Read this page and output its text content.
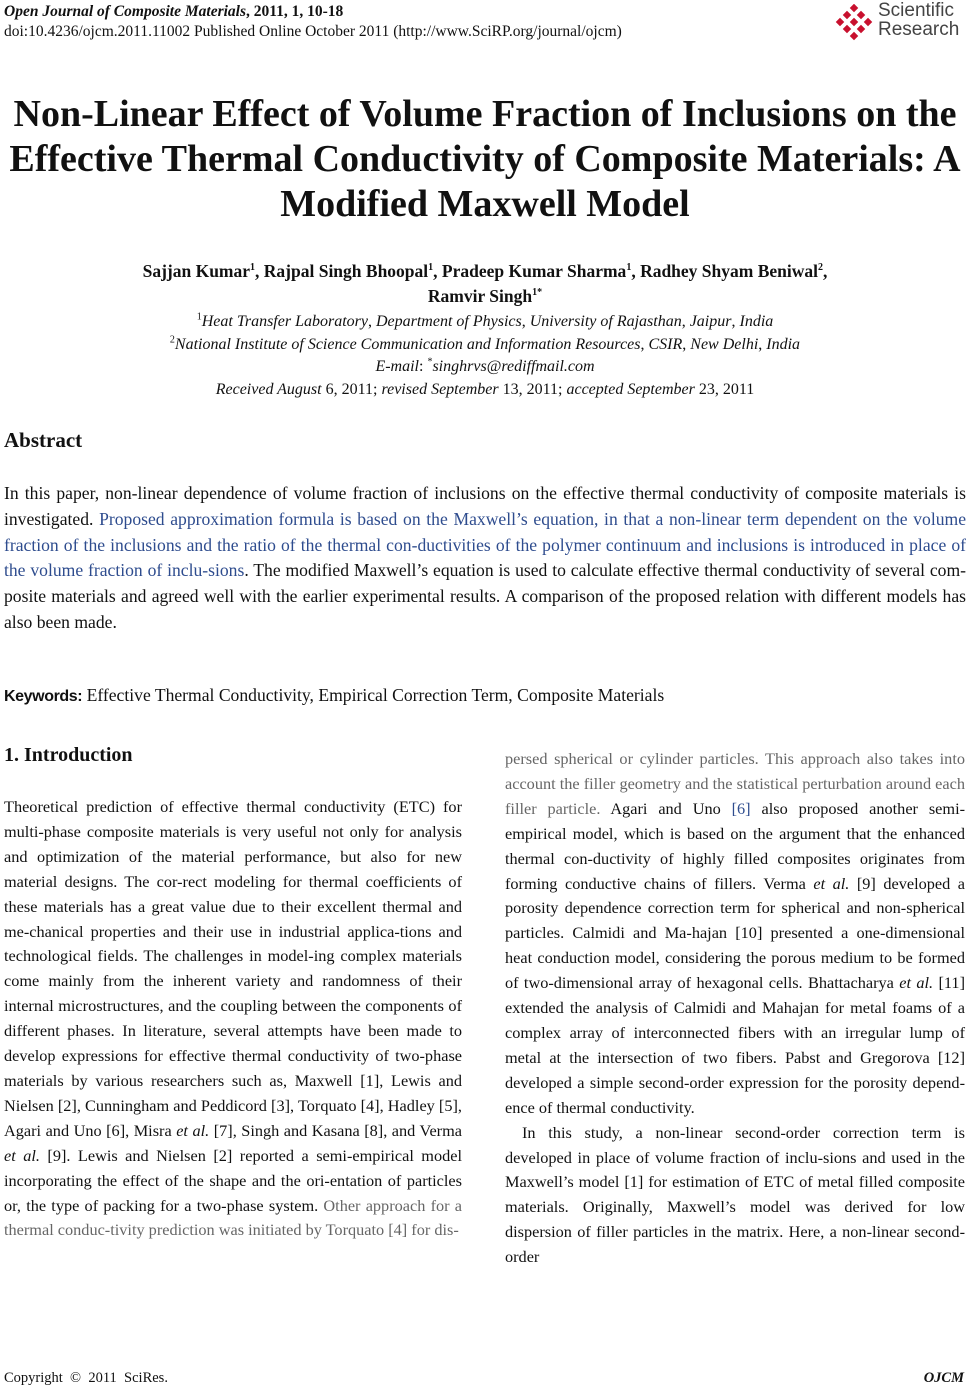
Open Journal of Composite Materials, 2011, 1, 10-18
doi:10.4236/ojcm.2011.11002 Published Online October 2011 (http://www.SciRP.org/journal/ojcm)
Scientific
Research
Non-Linear Effect of Volume Fraction of Inclusions on the
Effective Thermal Conductivity of Composite Materials: A
Modified Maxwell Model
Sajjan Kumar$^1$, Rajpal Singh Bhoopal$^1$, Pradeep Kumar Sharma$^1$, Radhey Shyam Beniwal$^2$,
Ramvir Singh$^{1*}$
$^1$Heat Transfer Laboratory, Department of Physics, University of Rajasthan, Jaipur, India
$^2$National Institute of Science Communication and Information Resources, CSIR, New Delhi, India
E-mail: *singhrvs@rediffmail.com
Received August 6, 2011; revised September 13, 2011; accepted September 23, 2011
Abstract
In this paper, non-linear dependence of volume fraction of inclusions on the effective thermal conductivity of composite materials is investigated. Proposed approximation formula is based on the Maxwell’s equation, in that a non-linear term dependent on the volume fraction of the inclusions and the ratio of the thermal con-ductivities of the polymer continuum and inclusions is introduced in place of the volume fraction of inclu-sions. The modified Maxwell’s equation is used to calculate effective thermal conductivity of several com-posite materials and agreed well with the earlier experimental results. A comparison of the proposed relation with different models has also been made.
Keywords: Effective Thermal Conductivity, Empirical Correction Term, Composite Materials
1. Introduction

Theoretical prediction of effective thermal conductivity (ETC) for multi-phase composite materials is very useful not only for analysis and optimization of the material performance, but also for new material designs. The cor-rect modeling for thermal coefficients of these materials has a great value due to their excellent thermal and me-chanical properties and their use in industrial applica-tions and technological fields. The challenges in model-ing complex materials come mainly from the inherent variety and randomness of their internal microstructures, and the coupling between the components of different phases. In literature, several attempts have been made to develop expressions for effective thermal conductivity of two-phase materials by various researchers such as, Maxwell [1], Lewis and Nielsen [2], Cunningham and Peddicord [3], Torquato [4], Hadley [5], Agari and Uno [6], Misra et al. [7], Singh and Kasana [8], and Verma et al. [9]. Lewis and Nielsen [2] reported a semi-empirical model incorporating the effect of the shape and the ori-entation of particles or, the type of packing for a two-phase system. Other approach for a thermal conduc-tivity prediction was initiated by Torquato [4] for dis-

persed spherical or cylinder particles. This approach also takes into account the filler geometry and the statistical perturbation around each filler particle. Agari and Uno [6] also proposed another semi-empirical model, which is based on the argument that the enhanced thermal con-ductivity of highly filled composites originates from forming conductive chains of fillers. Verma et al. [9] developed a porosity dependence correction term for spherical and non-spherical particles. Calmidi and Ma-hajan [10] presented a one-dimensional heat conduction model, considering the porous medium to be formed of two-dimensional array of hexagonal cells. Bhattacharya et al. [11] extended the analysis of Calmidi and Mahajan for metal foams of a complex array of interconnected fibers with an irregular lump of metal at the intersection of two fibers. Pabst and Gregorova [12] developed a simple second-order expression for the porosity depend-ence of thermal conductivity.

In this study, a non-linear second-order correction term is developed in place of volume fraction of inclu-sions and used in the Maxwell’s model [1] for estimation of ETC of metal filled composite materials. Originally, Maxwell’s model was derived for low dispersion of filler particles in the matrix. Here, a non-linear second-order

Copyright  ©  2011  SciRes.	OJCM
